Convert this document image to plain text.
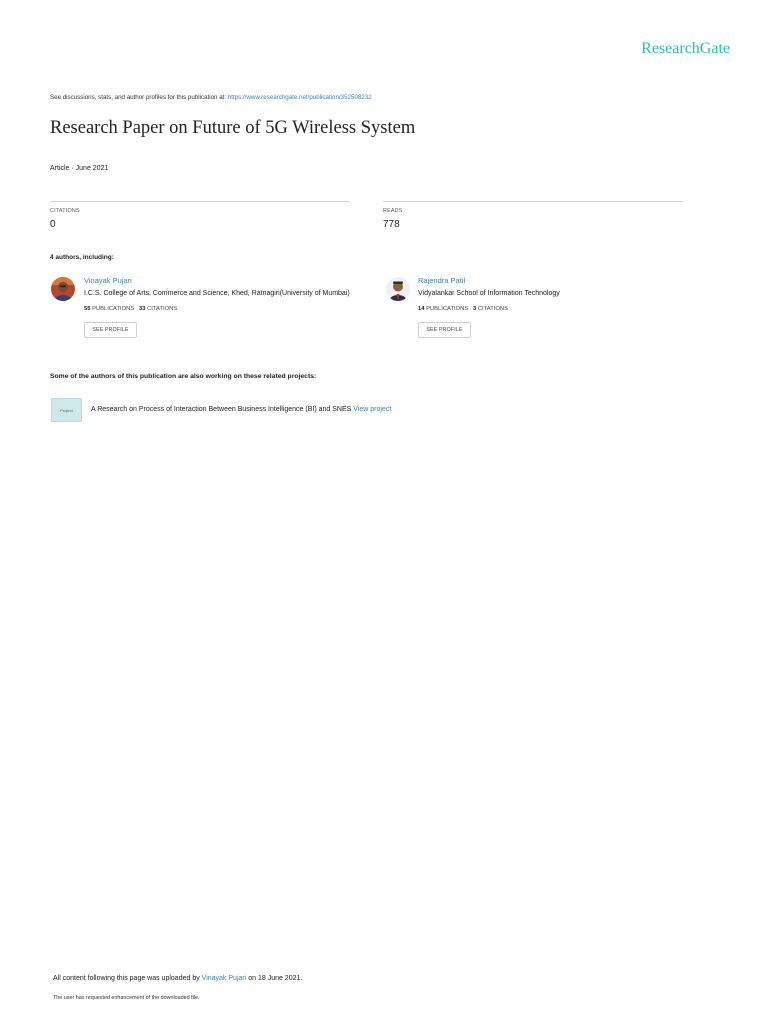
ResearchGate
See discussions, stats, and author profiles for this publication at: https://www.researchgate.net/publication/352508232
Research Paper on Future of 5G Wireless System
Article · June 2021
CITATIONS
0
READS
778
4 authors, including:
Vinayak Pujari
I.C.S. College of Arts, Commerce and Science, Khed, Ratnagiri(University of Mumbai)
55 PUBLICATIONS 33 CITATIONS
SEE PROFILE
Rajendra Patil
Vidyalankar School of Information Technology
14 PUBLICATIONS 3 CITATIONS
SEE PROFILE
Some of the authors of this publication are also working on these related projects:
Project	A Research on Process of Interaction Between Business Intelligence (BI) and SNES View project
All content following this page was uploaded by Vinayak Pujari on 18 June 2021.
The user has requested enhancement of the downloaded file.
